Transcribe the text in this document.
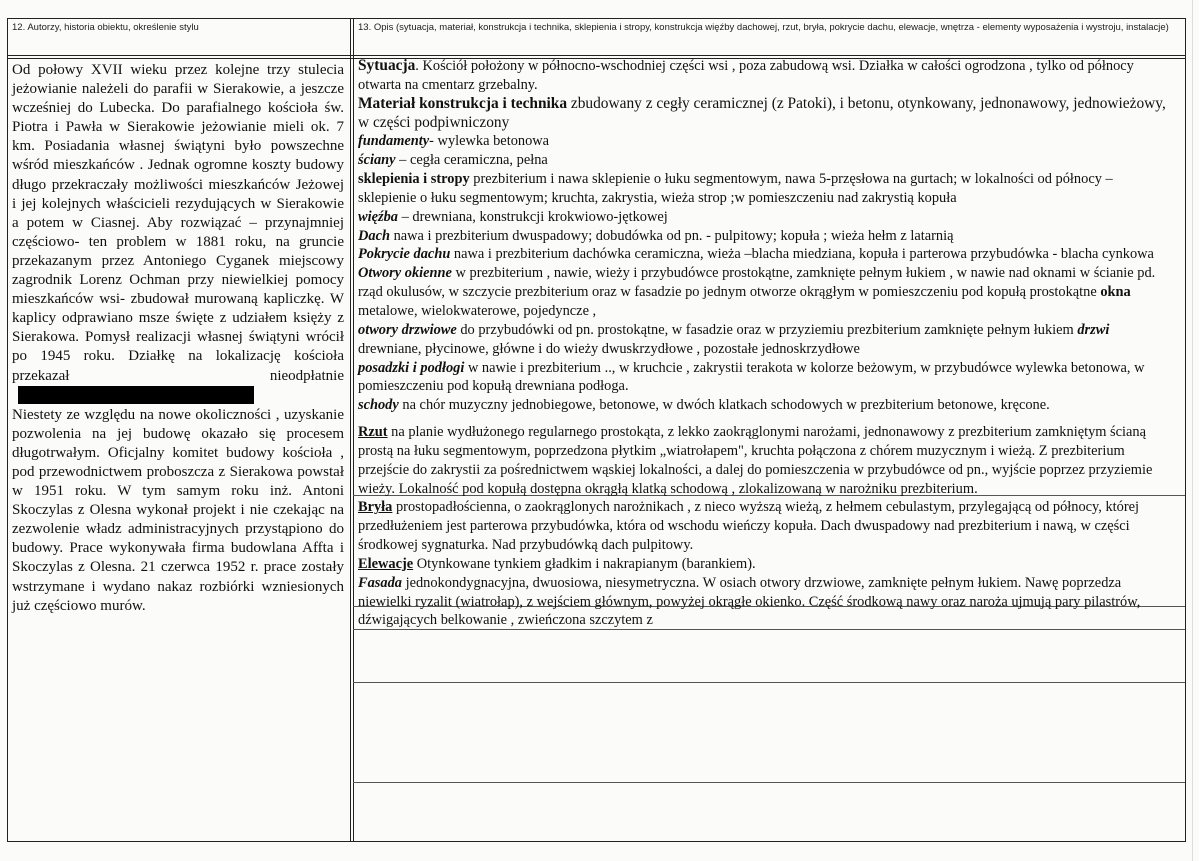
12. Autorzy, historia obiektu, określenie stylu	13. Opis (sytuacja, materiał, konstrukcja i technika, sklepienia i stropy, konstrukcja więźby dachowej, rzut, bryła, pokrycie dachu, elewacje, wnętrza - elementy wyposażenia i wystroju, instalacje)

Od połowy XVII wieku przez kolejne trzy stulecia jeżowianie należeli do parafii w Sierakowie, a jeszcze wcześniej do Lubecka. Do parafialnego kościoła św. Piotra i Pawła w Sierakowie jeżowianie mieli ok. 7 km. Posiadania własnej świątyni było powszechne wśród mieszkańców . Jednak ogromne koszty budowy długo przekraczały możliwości mieszkańców Jeżowej i jej kolejnych właścicieli rezydujących w Sierakowie a potem w Ciasnej. Aby rozwiązać – przynajmniej częściowo- ten problem w 1881 roku, na gruncie przekazanym przez Antoniego Cyganek miejscowy zagrodnik Lorenz Ochman przy niewielkiej pomocy mieszkańców wsi- zbudował murowaną kapliczkę. W kaplicy odprawiano msze święte z udziałem księży z Sierakowa. Pomysł realizacji własnej świątyni wrócił po 1945 roku. Działkę na lokalizację kościoła przekazał nieodpłatnie

Niestety ze względu na nowe okoliczności , uzyskanie pozwolenia na jej budowę okazało się procesem długotrwałym. Oficjalny komitet budowy kościoła , pod przewodnictwem proboszcza z Sierakowa powstał w 1951 roku. W tym samym roku inż. Antoni Skoczylas z Olesna wykonał projekt i nie czekając na zezwolenie władz administracyjnych przystąpiono do budowy. Prace wykonywała firma budowlana Affta i Skoczylas z Olesna. 21 czerwca 1952 r. prace zostały wstrzymane i wydano nakaz rozbiórki wzniesionych już częściowo murów.

Sytuacja. Kościół położony w północno-wschodniej części wsi , poza zabudową wsi. Działka w całości ogrodzona , tylko od północy otwarta na cmentarz grzebalny.

Materiał konstrukcja i technika zbudowany z cegły ceramicznej (z Patoki), i betonu, otynkowany, jednonawowy, jednowieżowy, w części podpiwniczony

fundamenty- wylewka betonowa

ściany – cegła ceramiczna, pełna

sklepienia i stropy prezbiterium i nawa sklepienie o łuku segmentowym, nawa 5-przęsłowa na gurtach; w lokalności od północy – sklepienie o łuku segmentowym; kruchta, zakrystia, wieża strop ;w pomieszczeniu nad zakrystią kopuła

więźba – drewniana, konstrukcji krokwiowo-jętkowej

Dach nawa i prezbiterium dwuspadowy; dobudówka od pn. - pulpitowy; kopuła ; wieża hełm z latarnią

Pokrycie dachu nawa i prezbiterium dachówka ceramiczna, wieża –blacha miedziana, kopuła i parterowa przybudówka - blacha cynkowa

Otwory okienne w prezbiterium , nawie, wieży i przybudówce prostokątne, zamknięte pełnym łukiem , w nawie nad oknami w ścianie pd. rząd okulusów, w szczycie prezbiterium oraz w fasadzie po jednym otworze okrągłym w pomieszczeniu pod kopułą prostokątne okna metalowe, wielokwaterowe, pojedyncze ,

otwory drzwiowe do przybudówki od pn. prostokątne, w fasadzie oraz w przyziemiu prezbiterium zamknięte pełnym łukiem drzwi drewniane, płycinowe, główne i do wieży dwuskrzydłowe , pozostałe jednoskrzydłowe

posadzki i podłogi w nawie i prezbiterium .., w kruchcie , zakrystii terakota w kolorze beżowym, w przybudówce wylewka betonowa, w pomieszczeniu pod kopułą drewniana podłoga.

schody na chór muzyczny jednobiegowe, betonowe, w dwóch klatkach schodowych w prezbiterium betonowe, kręcone.

Rzut na planie wydłużonego regularnego prostokąta, z lekko zaokrąglonymi narożami, jednonawowy z prezbiterium zamkniętym ścianą prostą na łuku segmentowym, poprzedzona płytkim „wiatrołapem", kruchta połączona z chórem muzycznym i wieżą. Z prezbiterium przejście do zakrystii za pośrednictwem wąskiej lokalności, a dalej do pomieszczenia w przybudówce od pn., wyjście poprzez przyziemie wieży. Lokalność pod kopułą dostępna okrągłą klatką schodową , zlokalizowaną w narożniku prezbiterium.

Bryła prostopadłościenna, o zaokrąglonych narożnikach , z nieco wyższą wieżą, z hełmem cebulastym, przylegającą od północy, której przedłużeniem jest parterowa przybudówka, która od wschodu wieńczy kopuła. Dach dwuspadowy nad prezbiterium i nawą, w części środkowej sygnaturka. Nad przybudówką dach pulpitowy.

Elewacje Otynkowane tynkiem gładkim i nakrapianym (barankiem).

Fasada jednokondygnacyjna, dwuosiowa, niesymetryczna. W osiach otwory drzwiowe, zamknięte pełnym łukiem. Nawę poprzedza niewielki ryzalit (wiatrołap), z wejściem głównym, powyżej okrągłe okienko. Część środkową nawy oraz naroża ujmują pary pilastrów, dźwigających belkowanie , zwieńczona szczytem z
